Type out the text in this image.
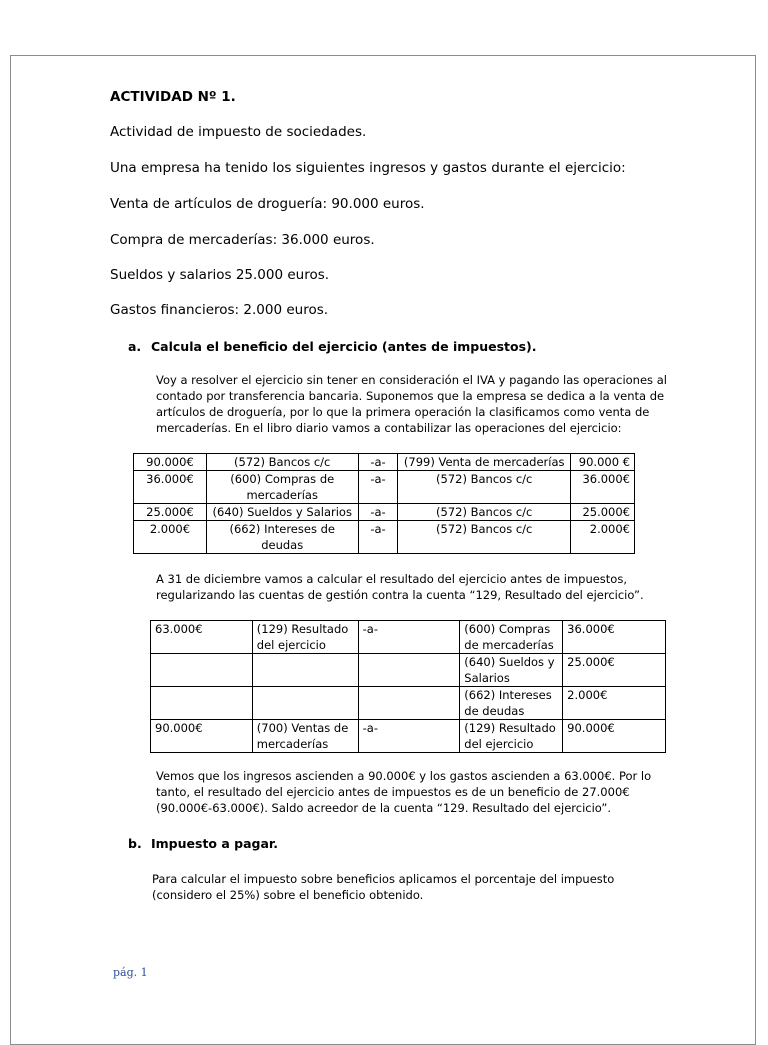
ACTIVIDAD Nº 1.

Actividad de impuesto de sociedades.

Una empresa ha tenido los siguientes ingresos y gastos durante el ejercicio:

Venta de artículos de droguería: 90.000 euros.

Compra de mercaderías: 36.000 euros.

Sueldos y salarios 25.000 euros.

Gastos financieros: 2.000 euros.

a. Calcula el beneficio del ejercicio (antes de impuestos).

Voy a resolver el ejercicio sin tener en consideración el IVA y pagando las operaciones al
contado por transferencia bancaria. Suponemos que la empresa se dedica a la venta de
artículos de droguería, por lo que la primera operación la clasificamos como venta de
mercaderías. En el libro diario vamos a contabilizar las operaciones del ejercicio:
90.000€	(572) Bancos c/c	-a-	(799) Venta de mercaderías	90.000 €
36.000€	(600) Compras de mercaderías	-a-	(572) Bancos c/c	36.000€
25.000€	(640) Sueldos y Salarios	-a-	(572) Bancos c/c	25.000€
2.000€	(662) Intereses de deudas	-a-	(572) Bancos c/c	2.000€
A 31 de diciembre vamos a calcular el resultado del ejercicio antes de impuestos,
regularizando las cuentas de gestión contra la cuenta “129, Resultado del ejercicio”.
63.000€	(129) Resultado del ejercicio	-a-	(600) Compras de mercaderías	36.000€
			(640) Sueldos y Salarios	25.000€
			(662) Intereses de deudas	2.000€
90.000€	(700) Ventas de mercaderías	-a-	(129) Resultado del ejercicio	90.000€
Vemos que los ingresos ascienden a 90.000€ y los gastos ascienden a 63.000€. Por lo
tanto, el resultado del ejercicio antes de impuestos es de un beneficio de 27.000€
(90.000€-63.000€). Saldo acreedor de la cuenta “129. Resultado del ejercicio”.

b. Impuesto a pagar.

Para calcular el impuesto sobre beneficios aplicamos el porcentaje del impuesto
(considero el 25%) sobre el beneficio obtenido.

pág. 1
